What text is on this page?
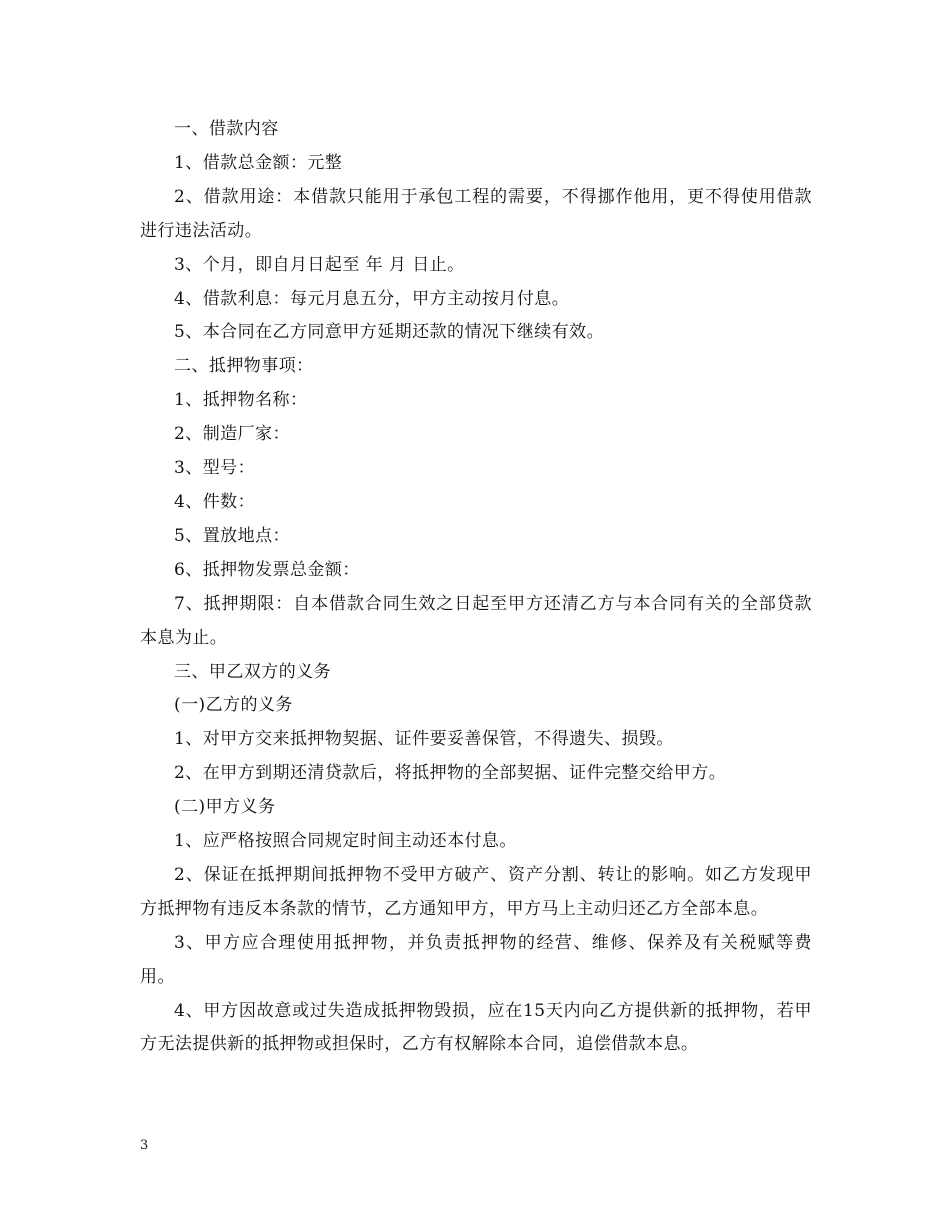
一、借款内容

1、借款总金额：元整

2、借款用途：本借款只能用于承包工程的需要，不得挪作他用，更不得使用借款进行违法活动。

3、个月，即自月日起至 年 月 日止。

4、借款利息：每元月息五分，甲方主动按月付息。

5、本合同在乙方同意甲方延期还款的情况下继续有效。

二、抵押物事项：

1、抵押物名称：

2、制造厂家：

3、型号：

4、件数：

5、置放地点：

6、抵押物发票总金额：

7、抵押期限：自本借款合同生效之日起至甲方还清乙方与本合同有关的全部贷款本息为止。

三、甲乙双方的义务

(一)乙方的义务

1、对甲方交来抵押物契据、证件要妥善保管，不得遗失、损毁。

2、在甲方到期还清贷款后，将抵押物的全部契据、证件完整交给甲方。

(二)甲方义务

1、应严格按照合同规定时间主动还本付息。

2、保证在抵押期间抵押物不受甲方破产、资产分割、转让的影响。如乙方发现甲方抵押物有违反本条款的情节，乙方通知甲方，甲方马上主动归还乙方全部本息。

3、甲方应合理使用抵押物，并负责抵押物的经营、维修、保养及有关税赋等费用。

4、甲方因故意或过失造成抵押物毁损，应在15天内向乙方提供新的抵押物，若甲方无法提供新的抵押物或担保时，乙方有权解除本合同，追偿借款本息。

3
